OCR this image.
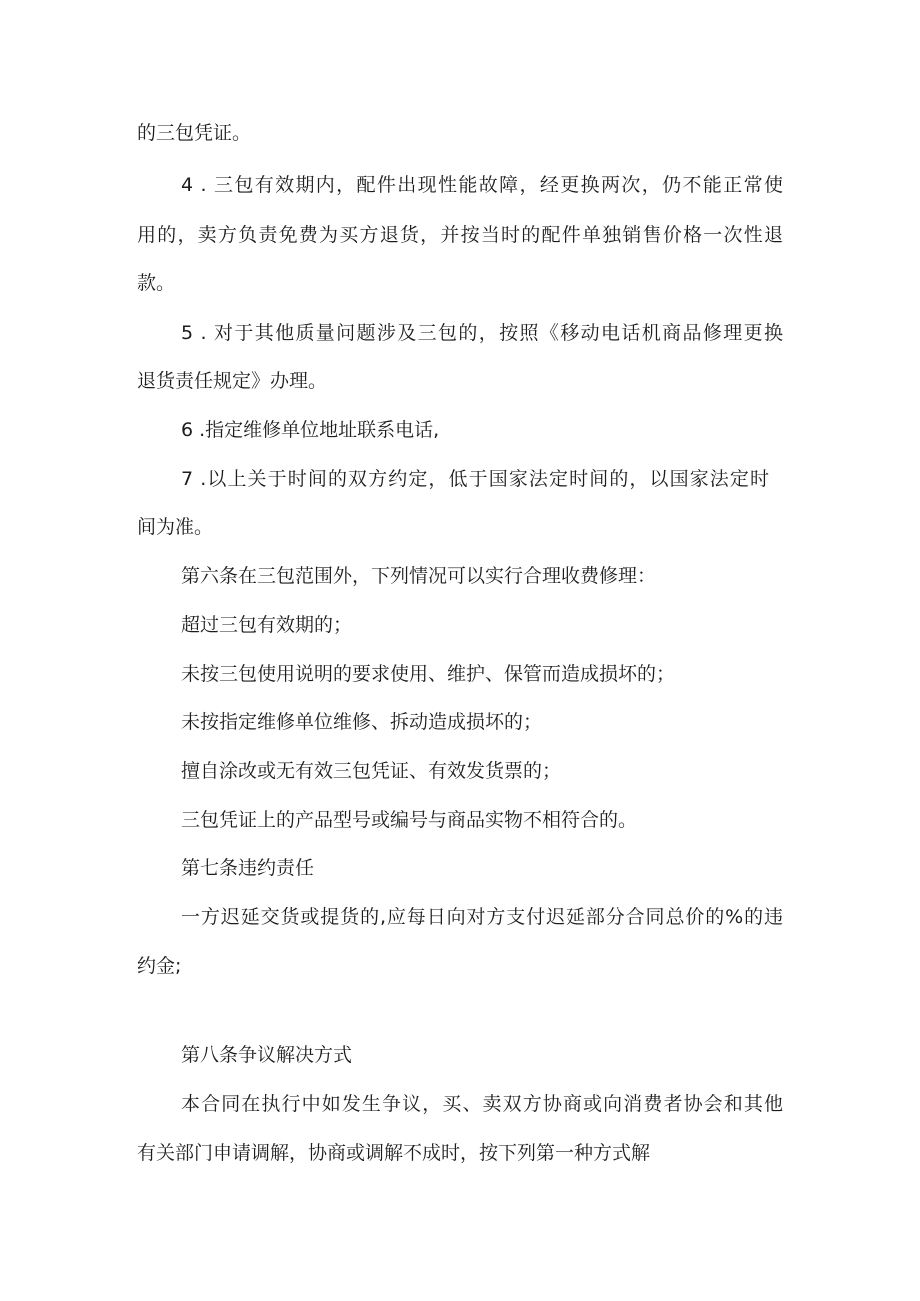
的三包凭证。
4 . 三包有效期内，配件出现性能故障，经更换两次，仍不能正常使
用的，卖方负责免费为买方退货，并按当时的配件单独销售价格一次性退
款。
5 . 对于其他质量问题涉及三包的，按照《移动电话机商品修理更换
退货责任规定》办理。
6 .指定维修单位地址联系电话,
7 .以上关于时间的双方约定，低于国家法定时间的，以国家法定时
间为准。
第六条在三包范围外，下列情况可以实行合理收费修理：
超过三包有效期的；
未按三包使用说明的要求使用、维护、保管而造成损坏的；
未按指定维修单位维修、拆动造成损坏的；
擅自涂改或无有效三包凭证、有效发货票的；
三包凭证上的产品型号或编号与商品实物不相符合的。
第七条违约责任
一方迟延交货或提货的,应每日向对方支付迟延部分合同总价的%的违
约金;
第八条争议解决方式
本合同在执行中如发生争议，买、卖双方协商或向消费者协会和其他
有关部门申请调解，协商或调解不成时，按下列第一种方式解
